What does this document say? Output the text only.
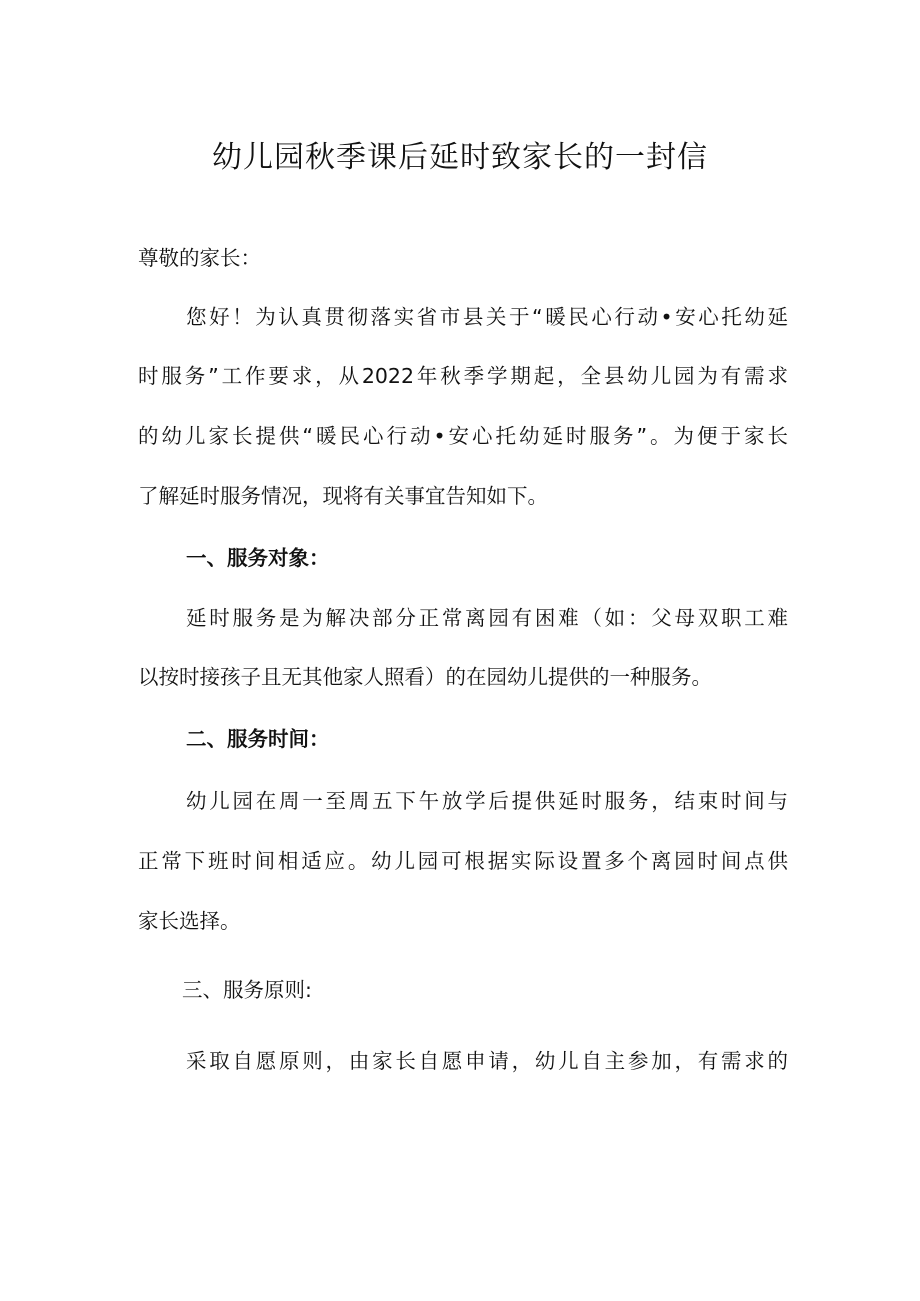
幼儿园秋季课后延时致家长的一封信

尊敬的家长：

您好！为认真贯彻落实省市县关于“暖民心行动•安心托幼延

时服务”工作要求，从2022年秋季学期起，全县幼儿园为有需求

的幼儿家长提供“暖民心行动•安心托幼延时服务”。为便于家长

了解延时服务情况，现将有关事宜告知如下。

一、服务对象：

延时服务是为解决部分正常离园有困难（如：父母双职工难

以按时接孩子且无其他家人照看）的在园幼儿提供的一种服务。

二、服务时间：

幼儿园在周一至周五下午放学后提供延时服务，结束时间与

正常下班时间相适应。幼儿园可根据实际设置多个离园时间点供

家长选择。

三、服务原则:

采取自愿原则，由家长自愿申请，幼儿自主参加，有需求的
